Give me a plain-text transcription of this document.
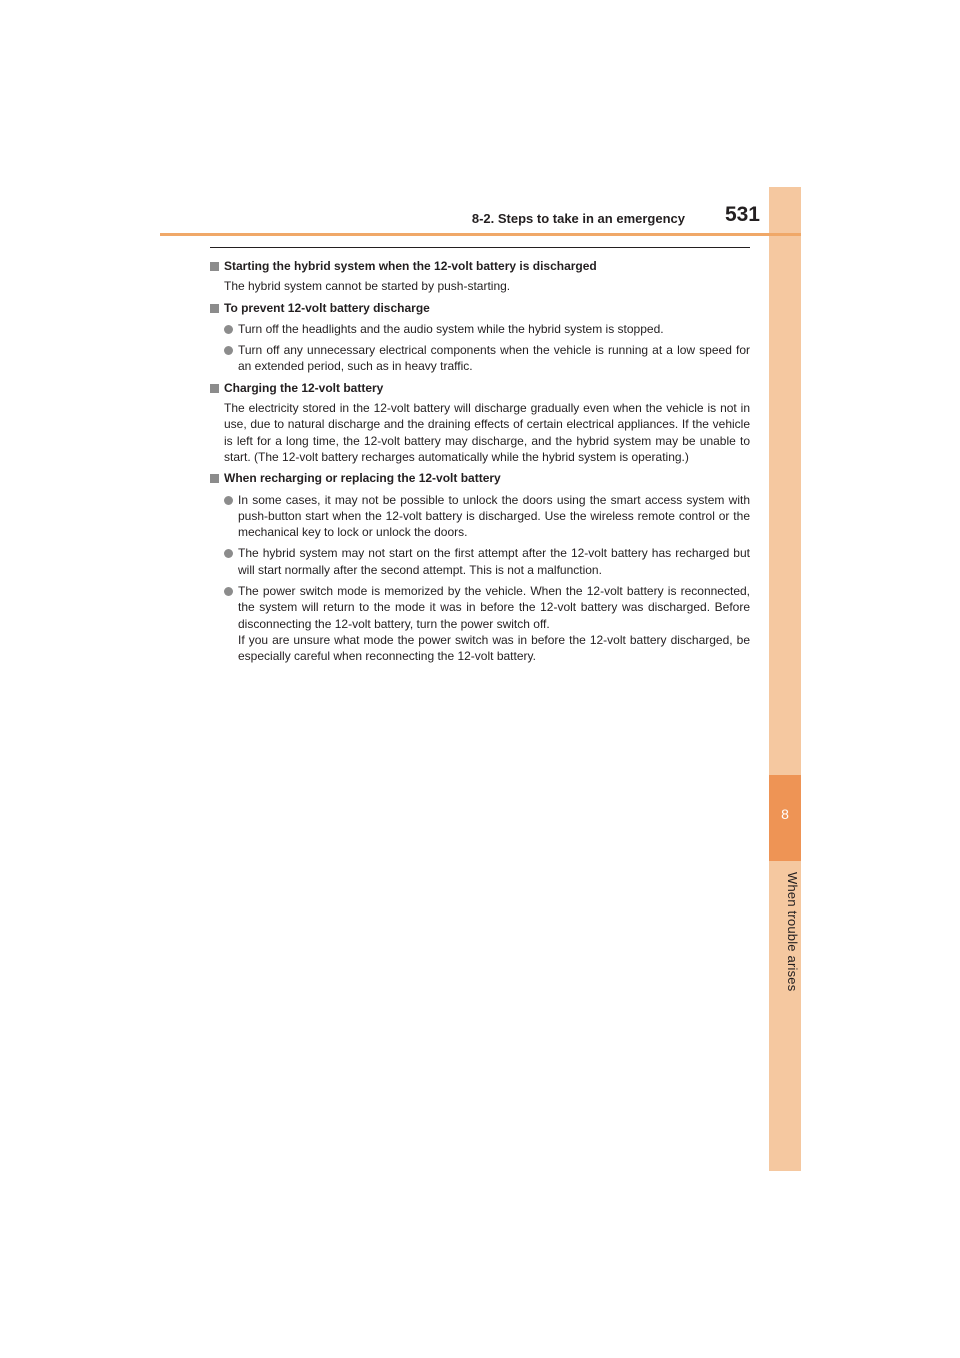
8
When trouble arises
8-2. Steps to take in an emergency 531
Starting the hybrid system when the 12-volt battery is discharged
The hybrid system cannot be started by push-starting.
To prevent 12-volt battery discharge
Turn off the headlights and the audio system while the hybrid system is stopped.
Turn off any unnecessary electrical components when the vehicle is running at a low speed for an extended period, such as in heavy traffic.
Charging the 12-volt battery
The electricity stored in the 12-volt battery will discharge gradually even when the vehicle is not in use, due to natural discharge and the draining effects of certain electrical appliances. If the vehicle is left for a long time, the 12-volt battery may discharge, and the hybrid system may be unable to start. (The 12-volt battery recharges automatically while the hybrid system is operating.)
When recharging or replacing the 12-volt battery
In some cases, it may not be possible to unlock the doors using the smart access system with push-button start when the 12-volt battery is discharged. Use the wireless remote control or the mechanical key to lock or unlock the doors.
The hybrid system may not start on the first attempt after the 12-volt battery has recharged but will start normally after the second attempt. This is not a malfunction.
The power switch mode is memorized by the vehicle. When the 12-volt battery is reconnected, the system will return to the mode it was in before the 12-volt battery was discharged. Before disconnecting the 12-volt battery, turn the power switch off.
If you are unsure what mode the power switch was in before the 12-volt battery discharged, be especially careful when reconnecting the 12-volt battery.
